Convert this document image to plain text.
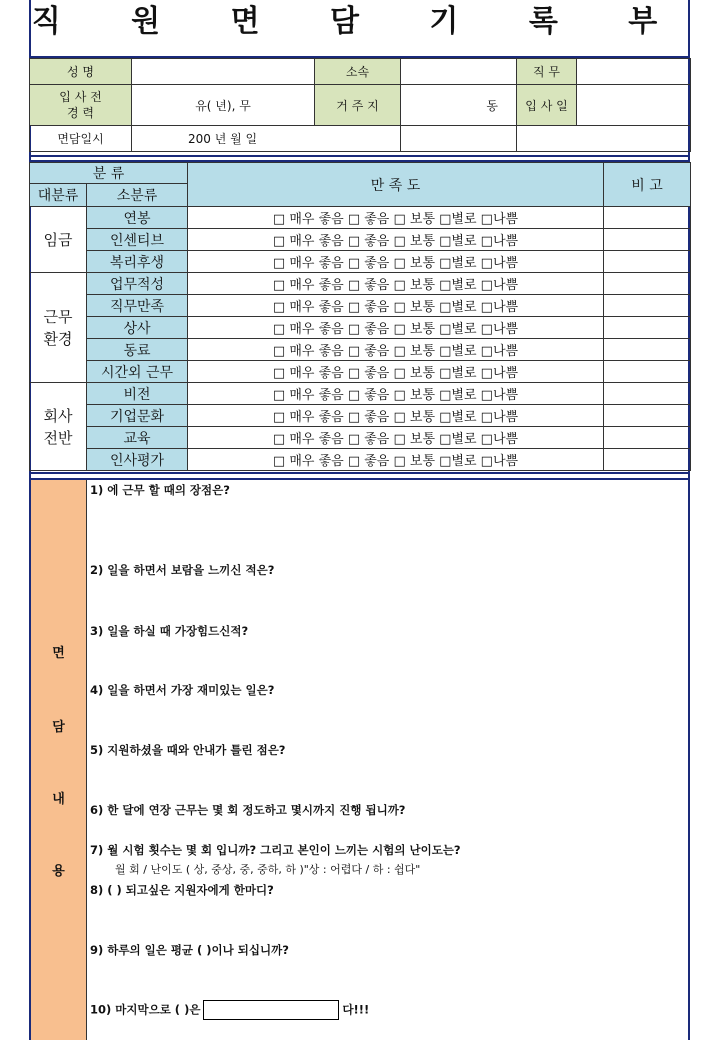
직 원 면 담 기 록 부
성 명		소속		직 무	

입 사 전
경 력	유( 년), 무	거 주 지	동	입 사 일	
면담일시	200 년 월 일				
분 류		만 족 도	비 고
대분류	소분류		
임금	연봉	□ 매우 좋음 □ 좋음 □ 보통 □별로 □나쁨	
	인센티브	□ 매우 좋음 □ 좋음 □ 보통 □별로 □나쁨	
	복리후생	□ 매우 좋음 □ 좋음 □ 보통 □별로 □나쁨	
근무
환경	업무적성	□ 매우 좋음 □ 좋음 □ 보통 □별로 □나쁨	
	직무만족	□ 매우 좋음 □ 좋음 □ 보통 □별로 □나쁨	
	상사	□ 매우 좋음 □ 좋음 □ 보통 □별로 □나쁨	
	동료	□ 매우 좋음 □ 좋음 □ 보통 □별로 □나쁨	
	시간외 근무	□ 매우 좋음 □ 좋음 □ 보통 □별로 □나쁨	
회사
전반	비전	□ 매우 좋음 □ 좋음 □ 보통 □별로 □나쁨	
	기업문화	□ 매우 좋음 □ 좋음 □ 보통 □별로 □나쁨	
	교육	□ 매우 좋음 □ 좋음 □ 보통 □별로 □나쁨	
	인사평가	□ 매우 좋음 □ 좋음 □ 보통 □별로 □나쁨	
면
담
내
용
1) 에 근무 할 때의 장점은?
2) 일을 하면서 보람을 느끼신 적은?
3) 일을 하실 때 가장힘드신적?
4) 일을 하면서 가장 재미있는 일은?
5) 지원하셨을 때와 안내가 틀린 점은?
6) 한 달에 연장 근무는 몇 회 정도하고 몇시까지 진행 됩니까?
7) 월 시험 횟수는 몇 회 입니까? 그리고 본인이 느끼는 시험의 난이도는?
월 회 / 난이도 ( 상, 중상, 중, 중하, 하 )"상 : 어렵다 / 하 : 쉽다"
8) ( ) 되고싶은 지원자에게 한마디?
9) 하루의 일은 평균 ( )이나 되십니까?
10) 마지막으로 ( )은	다!!!
